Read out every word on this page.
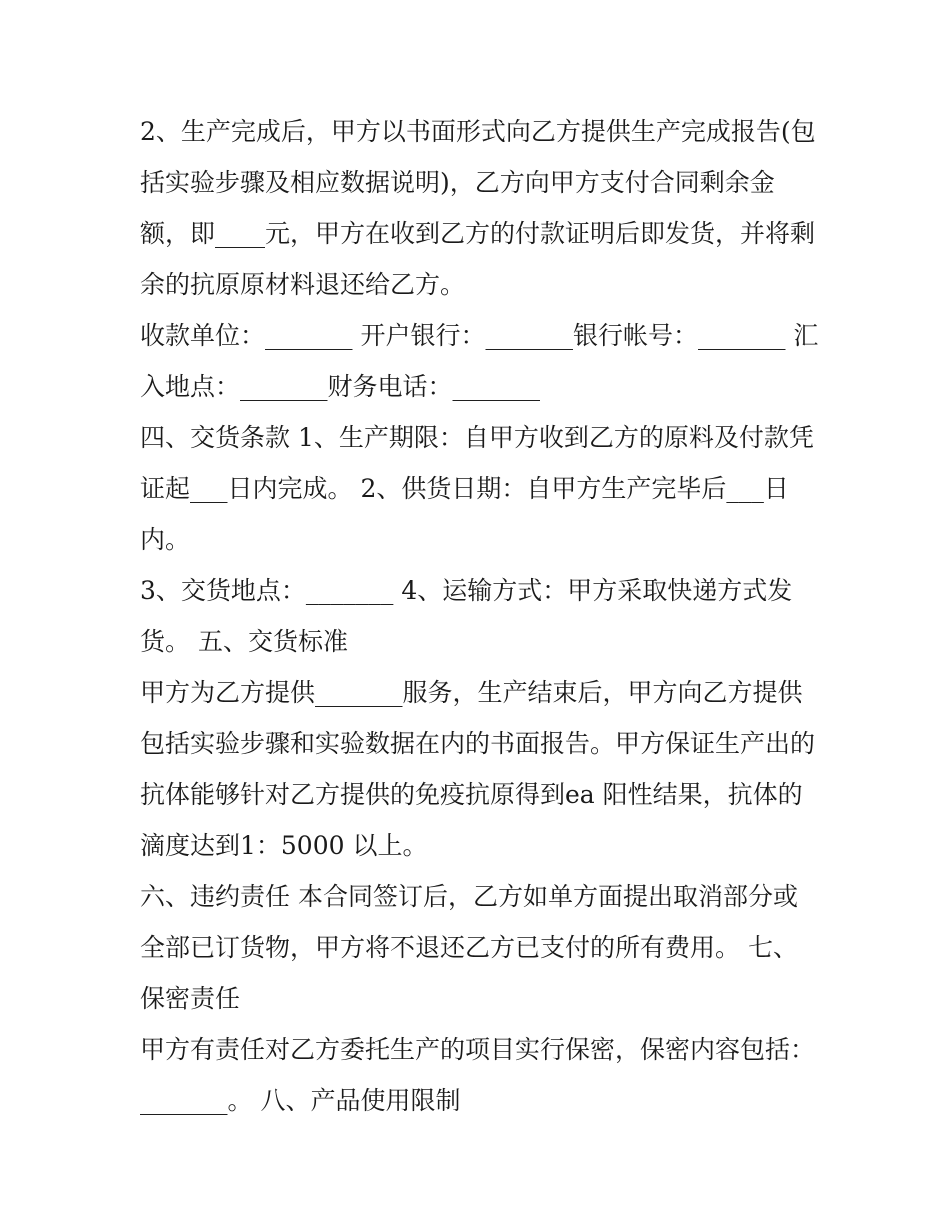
2、生产完成后，甲方以书面形式向乙方提供生产完成报告(包
括实验步骤及相应数据说明)，乙方向甲方支付合同剩余金
额，即____元，甲方在收到乙方的付款证明后即发货，并将剩
余的抗原原材料退还给乙方。
收款单位：_______ 开户银行：_______银行帐号：_______ 汇
入地点：_______财务电话：_______
四、交货条款 1、生产期限：自甲方收到乙方的原料及付款凭
证起___日内完成。 2、供货日期：自甲方生产完毕后___日
内。
3、交货地点：_______ 4、运输方式：甲方采取快递方式发
货。 五、交货标准
甲方为乙方提供_______服务，生产结束后，甲方向乙方提供
包括实验步骤和实验数据在内的书面报告。甲方保证生产出的
抗体能够针对乙方提供的免疫抗原得到ea 阳性结果，抗体的
滴度达到1：5000 以上。
六、违约责任 本合同签订后，乙方如单方面提出取消部分或
全部已订货物，甲方将不退还乙方已支付的所有费用。 七、
保密责任
甲方有责任对乙方委托生产的项目实行保密，保密内容包括：
_______。 八、产品使用限制
